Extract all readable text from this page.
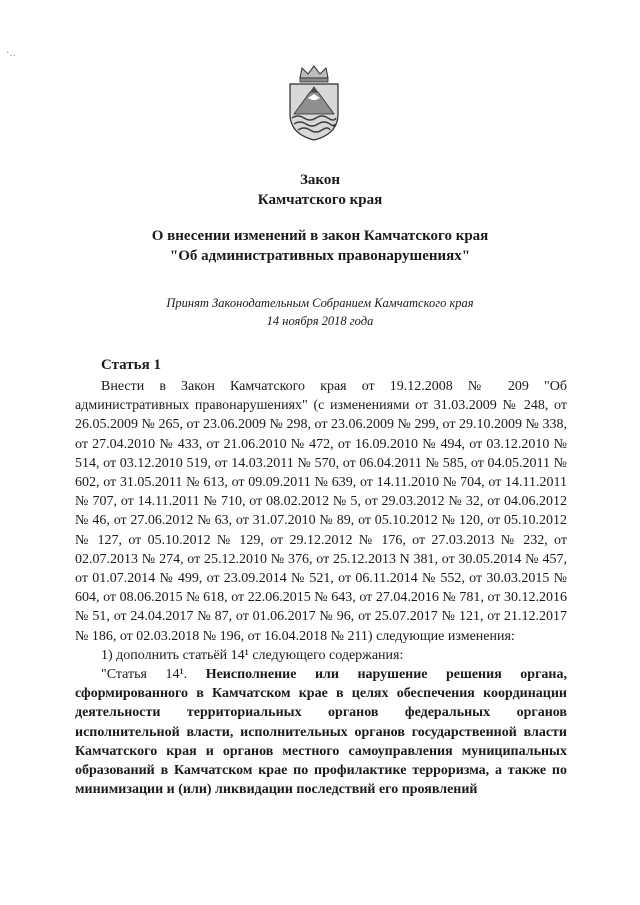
·‥
Закон
Камчатского края
О внесении изменений в закон Камчатского края
"Об административных правонарушениях"
Принят Законодательным Собранием Камчатского края
14 ноября 2018 года
Статья 1

Внести в Закон Камчатского края от 19.12.2008 № 209 "Об административных правонарушениях" (с изменениями от 31.03.2009 № 248, от 26.05.2009 № 265, от 23.06.2009 № 298, от 23.06.2009 № 299, от 29.10.2009 № 338, от 27.04.2010 № 433, от 21.06.2010 № 472, от 16.09.2010 № 494, от 03.12.2010 № 514, от 03.12.2010 519, от 14.03.2011 № 570, от 06.04.2011 № 585, от 04.05.2011 № 602, от 31.05.2011 № 613, от 09.09.2011 № 639, от 14.11.2010 № 704, от 14.11.2011 № 707, от 14.11.2011 № 710, от 08.02.2012 № 5, от 29.03.2012 № 32, от 04.06.2012 № 46, от 27.06.2012 № 63, от 31.07.2010 № 89, от 05.10.2012 № 120, от 05.10.2012 № 127, от 05.10.2012 № 129, от 29.12.2012 № 176, от 27.03.2013 № 232, от 02.07.2013 № 274, от 25.12.2010 № 376, от 25.12.2013 N 381, от 30.05.2014 № 457, от 01.07.2014 № 499, от 23.09.2014 № 521, от 06.11.2014 № 552, от 30.03.2015 № 604, от 08.06.2015 № 618, от 22.06.2015 № 643, от 27.04.2016 № 781, от 30.12.2016 № 51, от 24.04.2017 № 87, от 01.06.2017 № 96, от 25.07.2017 № 121, от 21.12.2017 № 186, от 02.03.2018 № 196, от 16.04.2018 № 211) следующие изменения:

1) дополнить статьёй 14¹ следующего содержания:

"Статья 14¹. Неисполнение или нарушение решения органа, сформированного в Камчатском крае в целях обеспечения координации деятельности территориальных органов федеральных органов исполнительной власти, исполнительных органов государственной власти Камчатского края и органов местного самоуправления муниципальных образований в Камчатском крае по профилактике терроризма, а также по минимизации и (или) ликвидации последствий его проявлений
